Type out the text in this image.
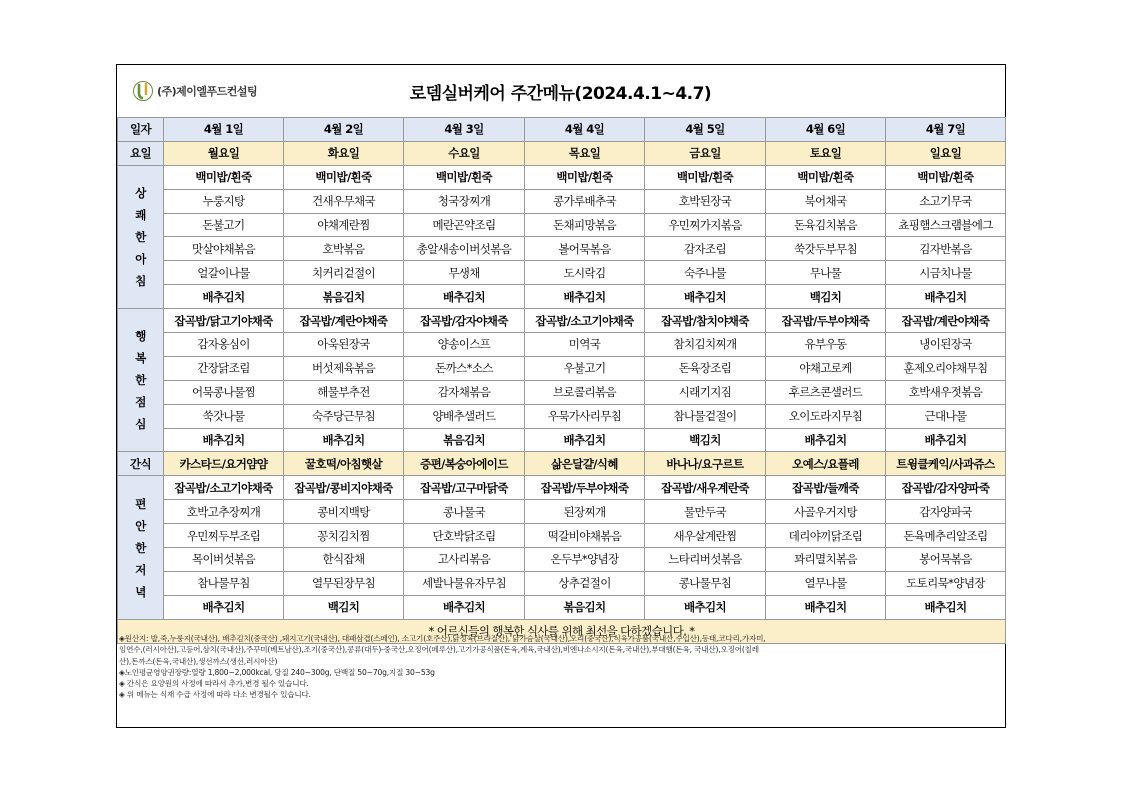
(주)제이엘푸드컨설팅	로뎀실버케어 주간메뉴(2024.4.1~4.7)
일자	4월 1일	4월 2일	4월 3일	4월 4일	4월 5일	4월 6일	4월 7일
요일	월요일	화요일	수요일	목요일	금요일	토요일	일요일

상
쾌
한
아
침	백미밥/흰죽	백미밥/흰죽	백미밥/흰죽	백미밥/흰죽	백미밥/흰죽	백미밥/흰죽	백미밥/흰죽
	누룽지탕	건새우무채국	청국장찌개	콩가루배추국	호박된장국	북어채국	소고기무국
	돈불고기	야채계란찜	메란곤약조림	돈채피망볶음	우민찌가지볶음	돈육김치볶음	쵸핑햄스크램블에그
	맛살야채볶음	호박볶음	총알새송이버섯볶음	볼어묵볶음	감자조림	쑥갓두부무침	김자반볶음
	얼갈이나물	치커리겉절이	무생채	도시락김	숙주나물	무나물	시금치나물
	배추김치	볶음김치	배추김치	배추김치	배추김치	백김치	배추김치

행
복
한
점
심	잡곡밥/닭고기야채죽	잡곡밥/계란야채죽	잡곡밥/감자야채죽	잡곡밥/소고기야채죽	잡곡밥/참치야채죽	잡곡밥/두부야채죽	잡곡밥/계란야채죽
	감자옹심이	아욱된장국	양송이스프	미역국	참치김치찌개	유부우동	냉이된장국
	간장닭조림	버섯제육볶음	돈까스*소스	우불고기	돈육장조림	야채고로케	훈제오리야채무침
	어묵콩나물찜	해물부추전	감자채볶음	브로콜리볶음	시래기지짐	후르츠콘샐러드	호박새우젓볶음
	쑥갓나물	숙주당근무침	양배추샐러드	우묵가사리무침	참나물겉절이	오이도라지무침	근대나물
	배추김치	배추김치	볶음김치	배추김치	백김치	배추김치	배추김치
간식	카스타드/요거얌얌	꿀호떡/아침햇살	증편/복숭아에이드	삶은달걀/식혜	바나나/요구르트	오예스/요플레	트윙클케익/사과쥬스

편
안
한
저
녁	잡곡밥/소고기야채죽	잡곡밥/콩비지야채죽	잡곡밥/고구마닭죽	잡곡밥/두부야채죽	잡곡밥/새우계란죽	잡곡밥/들깨죽	잡곡밥/감자양파죽
	호박고추장찌개	콩비지백탕	콩나물국	된장찌개	물만두국	사골우거지탕	감자양파국
	우민찌두부조림	꽁치김치찜	단호박닭조림	떡갈비야채볶음	새우살계란찜	데리야끼닭조림	돈육메추리알조림
	목이버섯볶음	한식잡채	고사리볶음	온두부*양념장	느타리버섯볶음	꽈리멸치볶음	봉어묵볶음
	참나물무침	열무된장무침	세발나물유자무침	상추겉절이	콩나물무침	열무나물	도토리묵*양념장
	배추김치	백김치	배추김치	볶음김치	배추김치	배추김치	배추김치
* 어르신들의 행복한 식사를 위해 최선을 다하겠습니다. *							

◈원산지: 밥,죽,누룽지(국내산), 배추김치(중국산) ,돼지고기(국내산), 대패삼겹(스페인), 소고기(호주산),닭정육(브라질산), 닭가슴살(국내산),오리(중국산),식육가공품(국내산,수입산),동태,코다리,가자미,

임연수,(러시아산),고등어,삼치(국내산),주꾸미(베트남산),조기(중국산),콩류(대두)-중국산,오징어(페루산),고기가공식품(돈육,계육,국내산),비엔나소시지(돈육,국내산),부대햄(돈육, 국내산),오징어(칠레

산),돈까스(돈육,국내산),생선까스(생선,러시아산)

◈노인평균영양권장량:열량 1,800~2,000kcal, 당질 240~300g, 단백질 50~70g,지질 30~53g

◈ 간식은 요양원의 사정에 따라서 추가,변경 될수 있습니다.

◈ 위 메뉴는 식재 수급 사정에 따라 다소 변경될수 있습니다.
